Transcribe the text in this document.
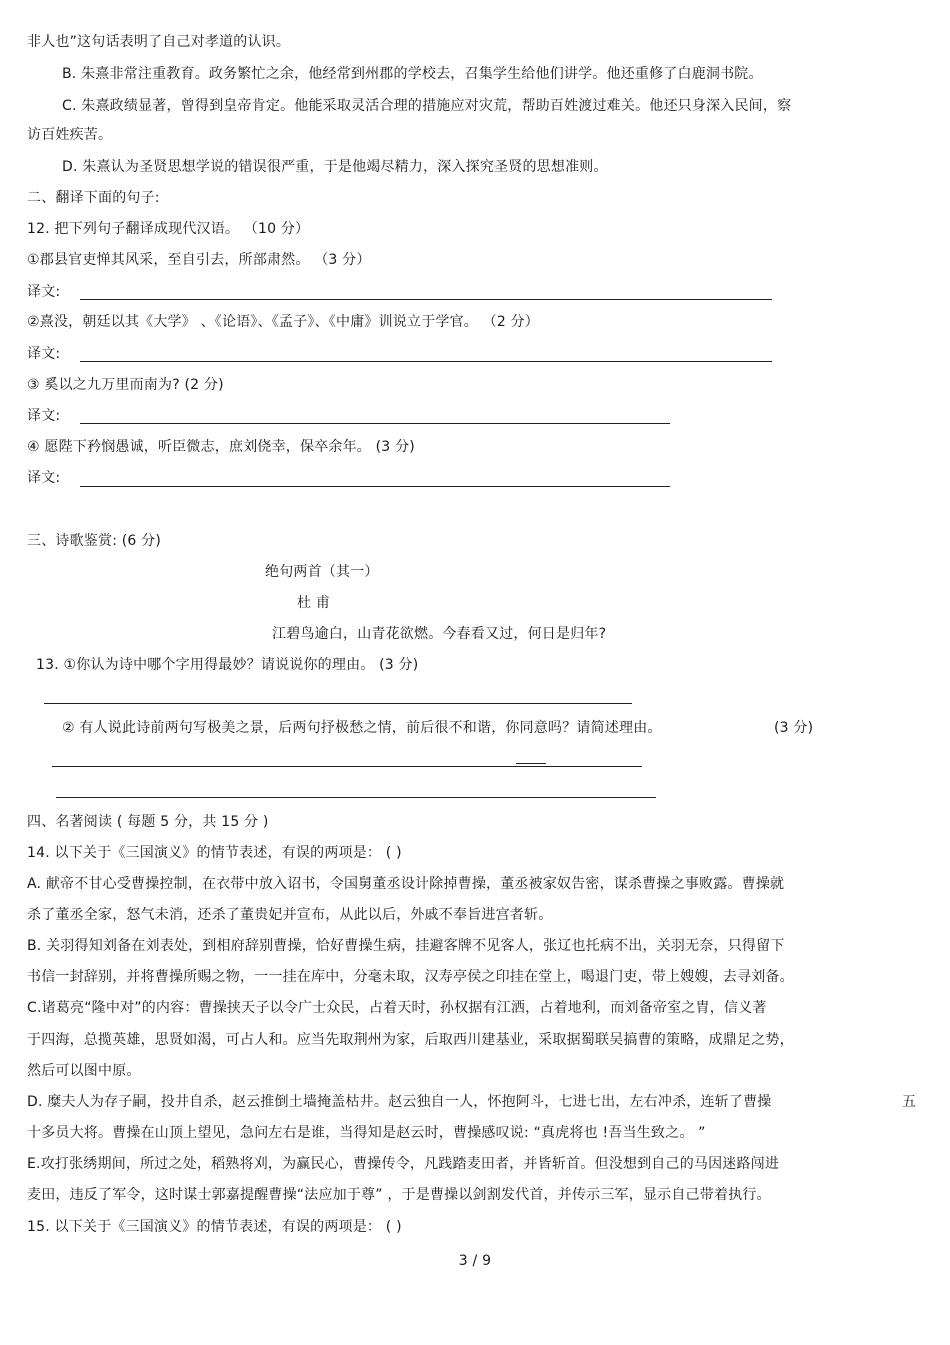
非人也”这句话表明了自己对孝道的认识。
B. 朱熹非常注重教育。政务繁忙之余，他经常到州郡的学校去，召集学生给他们讲学。他还重修了白鹿洞书院。
C. 朱熹政绩显著，曾得到皇帝肯定。他能采取灵活合理的措施应对灾荒，帮助百姓渡过难关。他还只身深入民间，察
访百姓疾苦。
D. 朱熹认为圣贤思想学说的错误很严重，于是他竭尽精力，深入探究圣贤的思想准则。
二、翻译下面的句子:
12. 把下列句子翻译成现代汉语。 （10 分）
①郡县官吏惮其风采，至自引去，所部肃然。 （3 分）
译文:
②熹没，朝廷以其《大学》 、《论语》、《孟子》、《中庸》训说立于学官。 （2 分）
译文:
③ 奚以之九万里而南为? (2 分)
译文:
④ 愿陛下矜悯愚诚，听臣微志，庶刘侥幸，保卒余年。 (3 分)
译文:
三、诗歌鉴赏: (6 分)
绝句两首（其一）
杜 甫
江碧鸟逾白，山青花欲燃。今春看又过，何日是归年?
13. ①你认为诗中哪个字用得最妙？请说说你的理由。 (3 分)
② 有人说此诗前两句写极美之景，后两句抒极愁之情，前后很不和谐，你同意吗？请简述理由。	(3 分)
四、名著阅读 ( 每题 5 分，共 15 分 )
14. 以下关于《三国演义》的情节表述，有误的两项是： ( )
A. 献帝不甘心受曹操控制，在衣带中放入诏书，令国舅董丞设计除掉曹操，董丞被家奴告密，谋杀曹操之事败露。曹操就
杀了董丞全家，怒气未消，还杀了董贵妃并宣布，从此以后，外戚不奉旨进宫者斩。
B. 关羽得知刘备在刘表处，到相府辞别曹操，恰好曹操生病，挂避客牌不见客人，张辽也托病不出，关羽无奈，只得留下
书信一封辞别，并将曹操所赐之物，一一挂在库中，分毫未取，汉寿亭侯之印挂在堂上，喝退门吏，带上嫂嫂，去寻刘备。
C.诸葛亮“隆中对”的内容：曹操挟天子以令广士众民，占着天时，孙权据有江洒，占着地利，而刘备帝室之胄，信义著
于四海，总揽英雄，思贤如渴，可占人和。应当先取荆州为家，后取西川建基业，采取据蜀联吴搞曹的策略，成鼎足之势，
然后可以图中原。
D. 糜夫人为存子嗣，投井自杀，赵云推倒土墙掩盖枯井。赵云独自一人，怀抱阿斗，七进七出，左右冲杀，连斩了曹操	五
十多员大将。曹操在山顶上望见，急问左右是谁，当得知是赵云时，曹操感叹说: “真虎将也 !吾当生致之。 ”
E.攻打张绣期间，所过之处，稻熟将刈，为赢民心，曹操传令，凡践踏麦田者，并皆斩首。但没想到自己的马因迷路闯进
麦田，违反了军令，这时谋士郭嘉提醒曹操“法应加于尊” ，于是曹操以剑割发代首，并传示三军，显示自己带着执行。
15. 以下关于《三国演义》的情节表述，有误的两项是： ( )
3 / 9
